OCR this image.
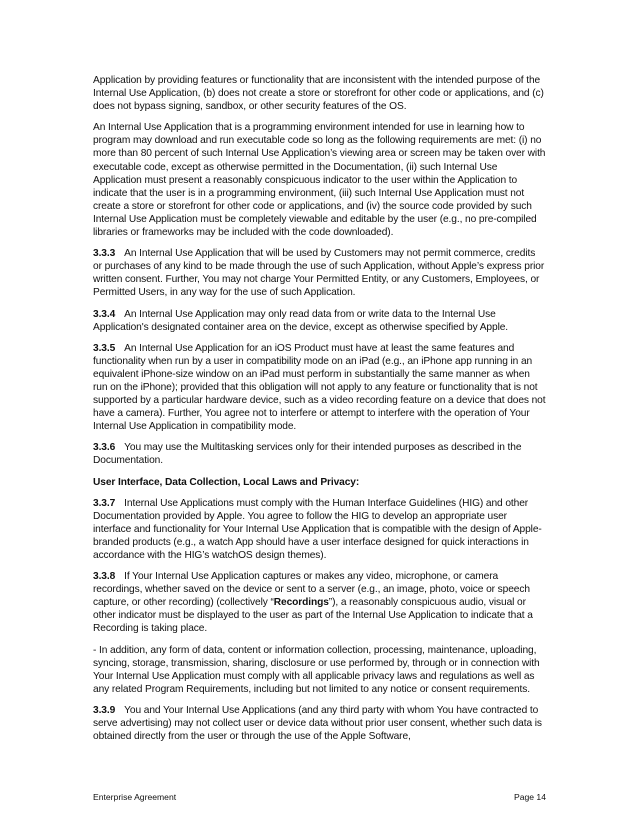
Application by providing features or functionality that are inconsistent with the intended purpose of the Internal Use Application, (b) does not create a store or storefront for other code or applications, and (c) does not bypass signing, sandbox, or other security features of the OS.

An Internal Use Application that is a programming environment intended for use in learning how to program may download and run executable code so long as the following requirements are met: (i) no more than 80 percent of such Internal Use Application’s viewing area or screen may be taken over with executable code, except as otherwise permitted in the Documentation, (ii) such Internal Use Application must present a reasonably conspicuous indicator to the user within the Application to indicate that the user is in a programming environment, (iii) such Internal Use Application must not create a store or storefront for other code or applications, and (iv) the source code provided by such Internal Use Application must be completely viewable and editable by the user (e.g., no pre-compiled libraries or frameworks may be included with the code downloaded).

3.3.3 An Internal Use Application that will be used by Customers may not permit commerce, credits or purchases of any kind to be made through the use of such Application, without Apple’s express prior written consent. Further, You may not charge Your Permitted Entity, or any Customers, Employees, or Permitted Users, in any way for the use of such Application.

3.3.4 An Internal Use Application may only read data from or write data to the Internal Use Application's designated container area on the device, except as otherwise specified by Apple.

3.3.5 An Internal Use Application for an iOS Product must have at least the same features and functionality when run by a user in compatibility mode on an iPad (e.g., an iPhone app running in an equivalent iPhone-size window on an iPad must perform in substantially the same manner as when run on the iPhone); provided that this obligation will not apply to any feature or functionality that is not supported by a particular hardware device, such as a video recording feature on a device that does not have a camera). Further, You agree not to interfere or attempt to interfere with the operation of Your Internal Use Application in compatibility mode.

3.3.6 You may use the Multitasking services only for their intended purposes as described in the Documentation.

User Interface, Data Collection, Local Laws and Privacy:

3.3.7 Internal Use Applications must comply with the Human Interface Guidelines (HIG) and other Documentation provided by Apple. You agree to follow the HIG to develop an appropriate user interface and functionality for Your Internal Use Application that is compatible with the design of Apple-branded products (e.g., a watch App should have a user interface designed for quick interactions in accordance with the HIG’s watchOS design themes).

3.3.8 If Your Internal Use Application captures or makes any video, microphone, or camera recordings, whether saved on the device or sent to a server (e.g., an image, photo, voice or speech capture, or other recording) (collectively “Recordings”), a reasonably conspicuous audio, visual or other indicator must be displayed to the user as part of the Internal Use Application to indicate that a Recording is taking place.

- In addition, any form of data, content or information collection, processing, maintenance, uploading, syncing, storage, transmission, sharing, disclosure or use performed by, through or in connection with Your Internal Use Application must comply with all applicable privacy laws and regulations as well as any related Program Requirements, including but not limited to any notice or consent requirements.

3.3.9 You and Your Internal Use Applications (and any third party with whom You have contracted to serve advertising) may not collect user or device data without prior user consent, whether such data is obtained directly from the user or through the use of the Apple Software,

Enterprise Agreement	Page 14
